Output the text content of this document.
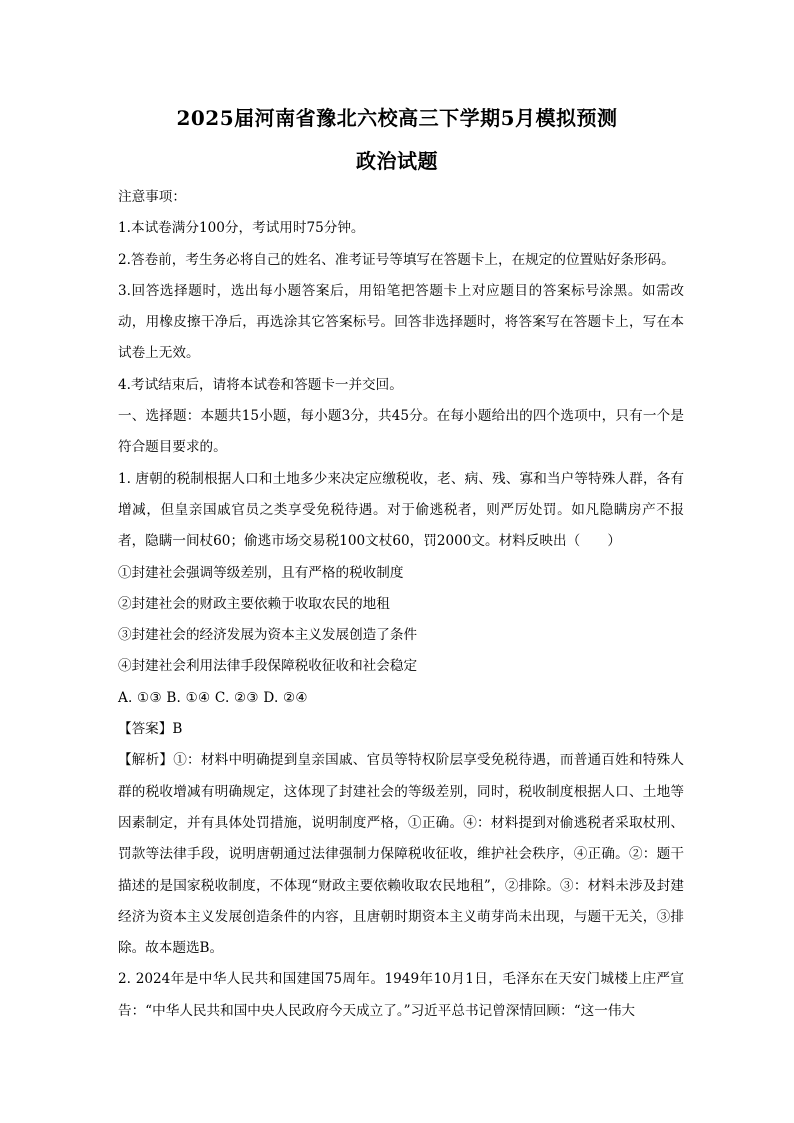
2025届河南省豫北六校高三下学期5月模拟预测
政治试题

注意事项：

1.本试卷满分100分，考试用时75分钟。

2.答卷前，考生务必将自己的姓名、准考证号等填写在答题卡上，在规定的位置贴好条形码。

3.回答选择题时，选出每小题答案后，用铅笔把答题卡上对应题目的答案标号涂黑。如需改动，用橡皮擦干净后，再选涂其它答案标号。回答非选择题时，将答案写在答题卡上，写在本试卷上无效。

4.考试结束后，请将本试卷和答题卡一并交回。

一、选择题：本题共15小题，每小题3分，共45分。在每小题给出的四个选项中，只有一个是符合题目要求的。

1. 唐朝的税制根据人口和土地多少来决定应缴税收，老、病、残、寡和当户等特殊人群，各有增减，但皇亲国戚官员之类享受免税待遇。对于偷逃税者，则严厉处罚。如凡隐瞒房产不报者，隐瞒一间杖60；偷逃市场交易税100文杖60，罚2000文。材料反映出（　　）

①封建社会强调等级差别，且有严格的税收制度

②封建社会的财政主要依赖于收取农民的地租

③封建社会的经济发展为资本主义发展创造了条件

④封建社会利用法律手段保障税收征收和社会稳定

A. ①③ B. ①④ C. ②③ D. ②④

【答案】B

【解析】①：材料中明确提到皇亲国戚、官员等特权阶层享受免税待遇，而普通百姓和特殊人群的税收增减有明确规定，这体现了封建社会的等级差别，同时，税收制度根据人口、土地等因素制定，并有具体处罚措施，说明制度严格，①正确。④：材料提到对偷逃税者采取杖刑、罚款等法律手段，说明唐朝通过法律强制力保障税收征收，维护社会秩序，④正确。②：题干描述的是国家税收制度，不体现“财政主要依赖收取农民地租”，②排除。③：材料未涉及封建经济为资本主义发展创造条件的内容，且唐朝时期资本主义萌芽尚未出现，与题干无关，③排除。故本题选B。

2. 2024年是中华人民共和国建国75周年。1949年10月1日，毛泽东在天安门城楼上庄严宣告：“中华人民共和国中央人民政府今天成立了。”习近平总书记曾深情回顾：“这一伟大
